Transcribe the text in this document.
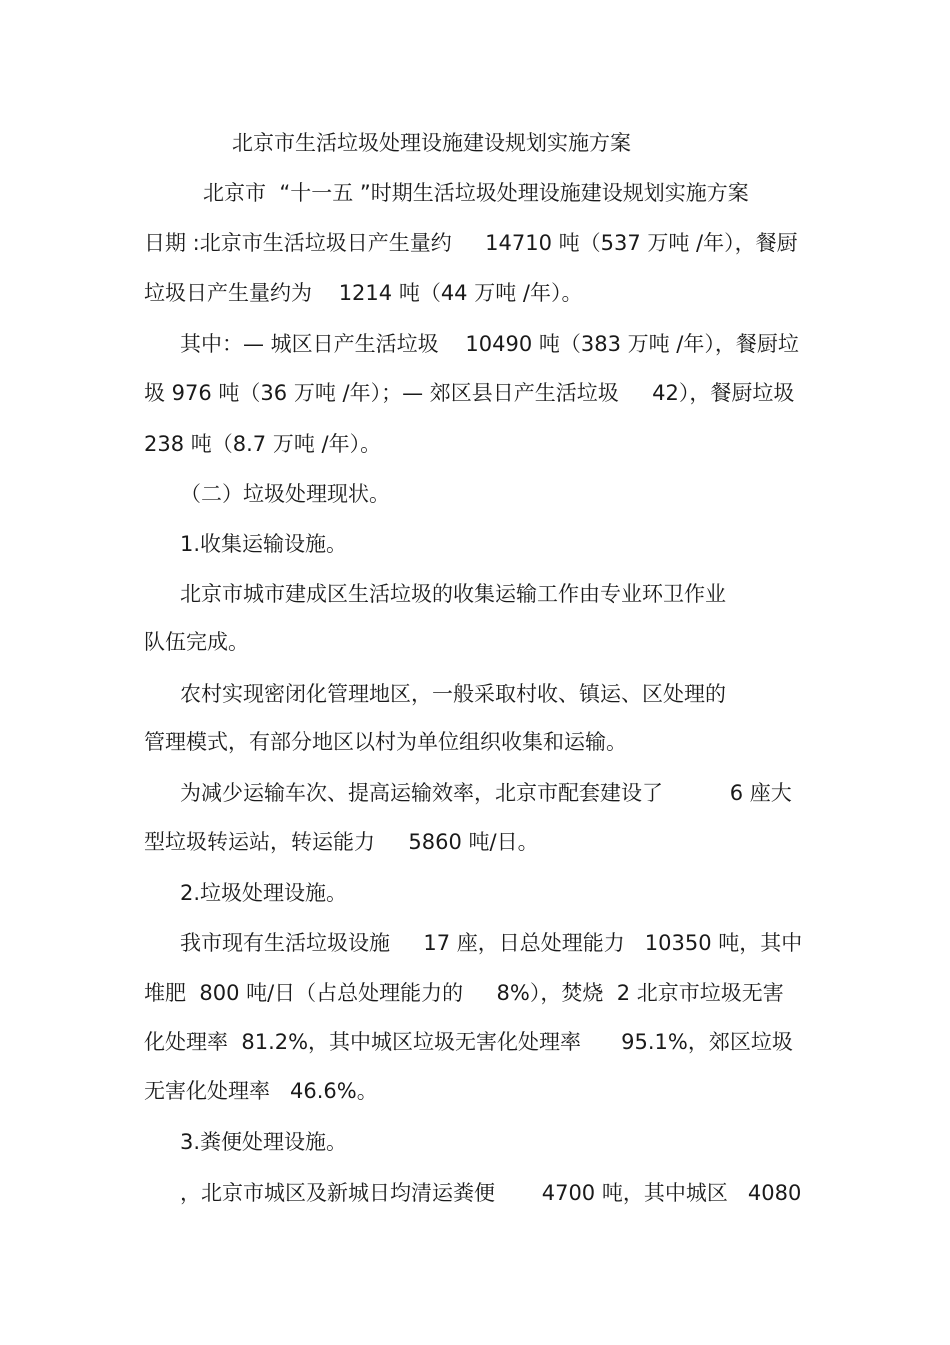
北京市生活垃圾处理设施建设规划实施方案

北京市  “十一五 ”时期生活垃圾处理设施建设规划实施方案

日期 :北京市生活垃圾日产生量约     14710 吨（537 万吨 /年），餐厨

垃圾日产生量约为    1214 吨（44 万吨 /年）。

其中：— 城区日产生活垃圾    10490 吨（383 万吨 /年），餐厨垃

圾 976 吨（36 万吨 /年）；— 郊区县日产生活垃圾     42），餐厨垃圾

238 吨（8.7 万吨 /年）。

（二）垃圾处理现状。

1.收集运输设施。

北京市城市建成区生活垃圾的收集运输工作由专业环卫作业

队伍完成。

农村实现密闭化管理地区，一般采取村收、镇运、区处理的

管理模式，有部分地区以村为单位组织收集和运输。

为减少运输车次、提高运输效率，北京市配套建设了          6 座大

型垃圾转运站，转运能力     5860 吨/日。

2.垃圾处理设施。

我市现有生活垃圾设施     17 座，日总处理能力   10350 吨，其中

堆肥  800 吨/日（占总处理能力的     8%），焚烧  2 北京市垃圾无害

化处理率  81.2%，其中城区垃圾无害化处理率      95.1%，郊区垃圾

无害化处理率   46.6%。

3.粪便处理设施。

，北京市城区及新城日均清运粪便       4700 吨，其中城区   4080
